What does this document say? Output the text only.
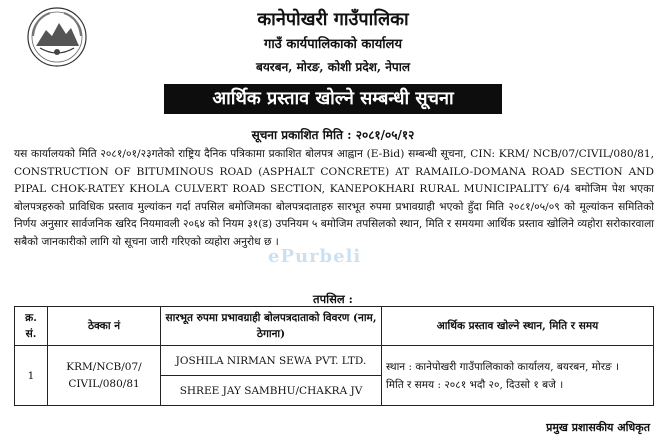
कानेपोखरी गाउँपालिका
गाउँ कार्यपालिकाको कार्यालय
बयरबन, मोरङ, कोशी प्रदेश, नेपाल
आर्थिक प्रस्ताव खोल्ने सम्बन्धी सूचना
सूचना प्रकाशित मिति : २०८१/०५/१२
यस कार्यालयको मिति २०८१/०१/२३गतेको राष्ट्रिय दैनिक पत्रिकामा प्रकाशित बोलपत्र आह्वान (E-Bid) सम्बन्धी सूचना, CIN: KRM/ NCB/07/CIVIL/080/81, CONSTRUCTION OF BITUMINOUS ROAD (ASPHALT CONCRETE) AT RAMAILO-DOMANA ROAD SECTION AND PIPAL CHOK-RATEY KHOLA CULVERT ROAD SECTION, KANEPOKHARI RURAL MUNICIPALITY 6/4 बमोजिम पेश भएका बोलपत्रहरुको प्राविधिक प्रस्ताव मुल्यांकन गर्दा तपसिल बमोजिमका बोलपत्रदाताहरु सारभूत रुपमा प्रभावग्राही भएको हुँदा मिति २०८१/०५/०९ को मूल्यांकन समितिको निर्णय अनुसार सार्वजनिक खरिद नियमावली २०६४ को नियम ३१(ड) उपनियम ५ बमोजिम तपसिलको स्थान, मिति र समयमा आर्थिक प्रस्ताव खोलिने व्यहोरा सरोकारवाला सबैको जानकारीको लागि यो सूचना जारी गरिएको व्यहोरा अनुरोध छ ।
ePurbeli
तपसिल :
क्र. सं.	ठेक्का नं	सारभूत रुपमा प्रभावग्राही बोलपत्रदाताको विवरण (नाम, ठेगाना)	आर्थिक प्रस्ताव खोल्ने स्थान, मिति र समय
1	KRM/NCB/07/ CIVIL/080/81	JOSHILA NIRMAN SEWA PVT. LTD.	स्थान : कानेपोखरी गाउँपालिकाको कार्यालय, बयरबन, मोरङ ।
मिति र समय : २०८१ भदौ २०, दिउसो १ बजे ।

		SHREE JAY SAMBHU/CHAKRA JV	
प्रमुख प्रशासकीय अधिकृत
